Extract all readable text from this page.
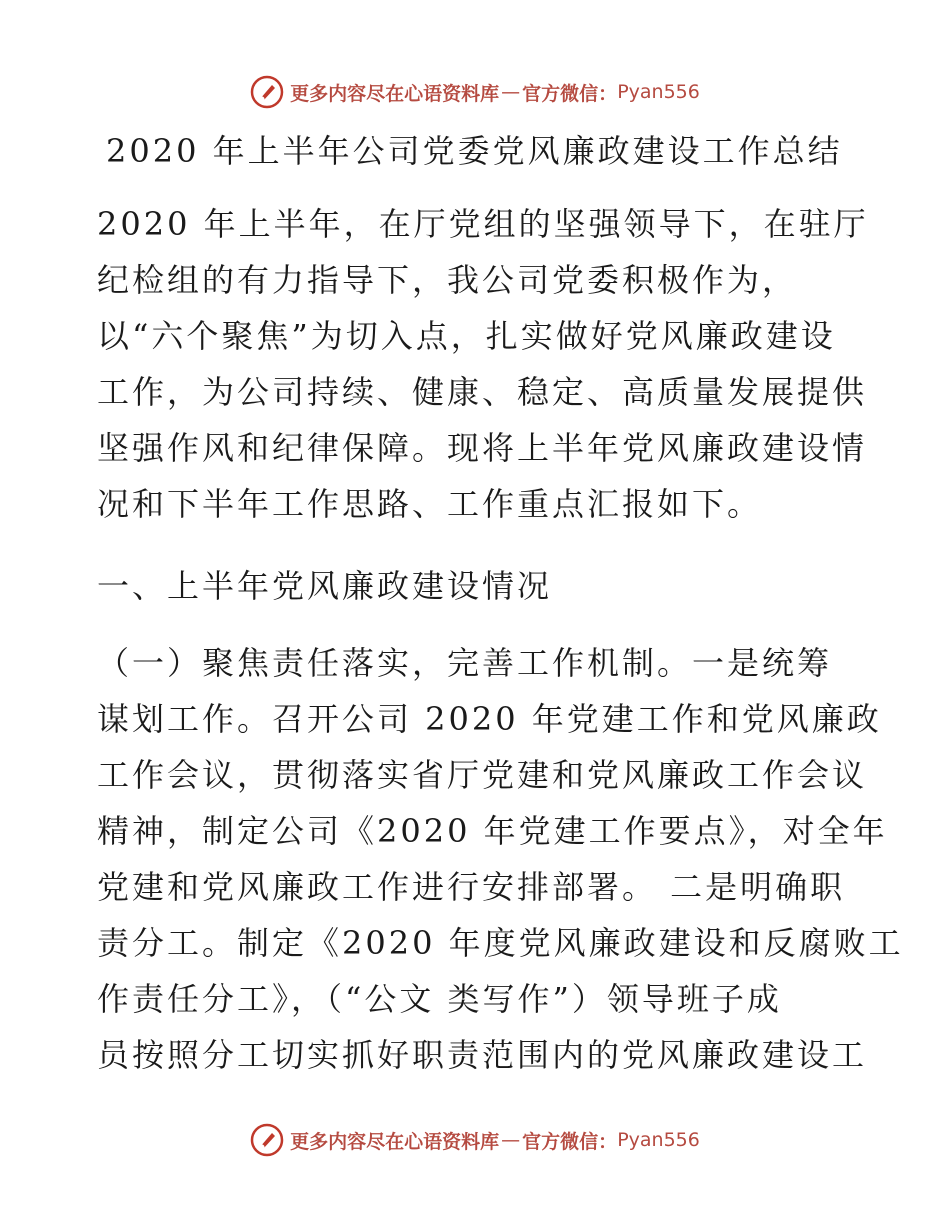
更多内容尽在心语资料库 — 官方微信： Pyan556
2020 年上半年公司党委党风廉政建设工作总结
2020 年上半年，在厅党组的坚强领导下，在驻厅
纪检组的有力指导下，我公司党委积极作为，
以“六个聚焦”为切入点，扎实做好党风廉政建设
工作，为公司持续、健康、稳定、高质量发展提供
坚强作风和纪律保障。现将上半年党风廉政建设情
况和下半年工作思路、工作重点汇报如下。
一、上半年党风廉政建设情况
（一）聚焦责任落实，完善工作机制。一是统筹
谋划工作。召开公司 2020 年党建工作和党风廉政
工作会议，贯彻落实省厅党建和党风廉政工作会议
精神，制定公司《2020 年党建工作要点》，对全年
党建和党风廉政工作进行安排部署。 二是明确职
责分工。制定《2020 年度党风廉政建设和反腐败工
作责任分工》，（“公文 类写作”）领导班子成
员按照分工切实抓好职责范围内的党风廉政建设工
更多内容尽在心语资料库 — 官方微信： Pyan556
